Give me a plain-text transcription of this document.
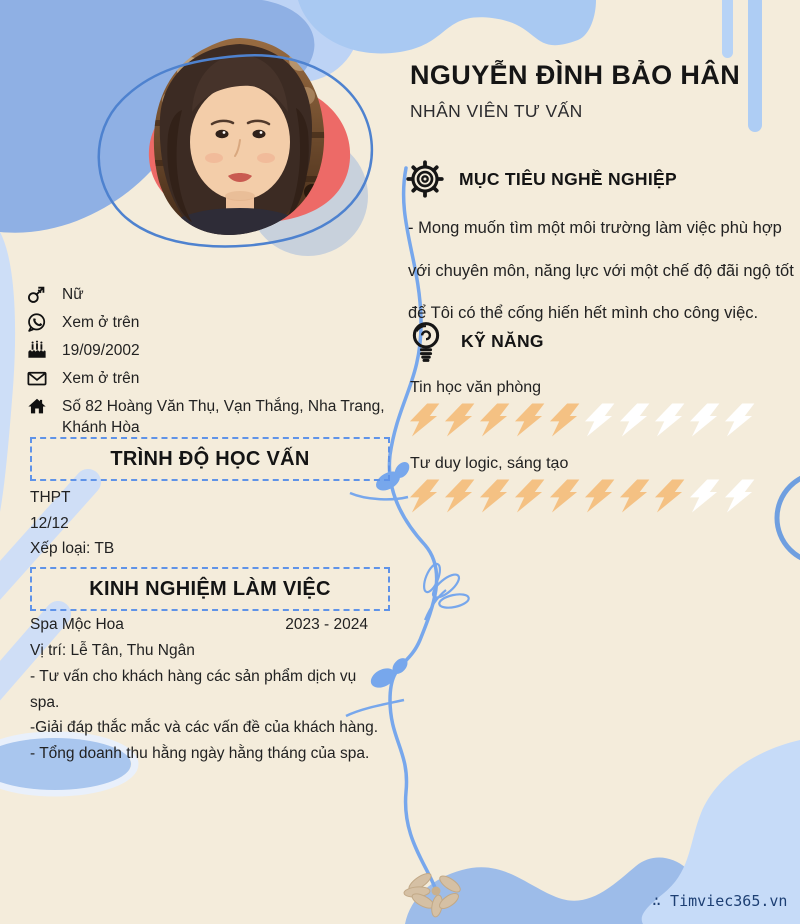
NGUYỄN ĐÌNH BẢO HÂN
NHÂN VIÊN TƯ VẤN
MỤC TIÊU NGHỀ NGHIỆP
- Mong muốn tìm một môi trường làm việc phù hợp với chuyên môn, năng lực với một chế độ đãi ngộ tốt để Tôi có thể cống hiến hết mình cho công việc.
KỸ NĂNG
Tin học văn phòng
Tư duy logic, sáng tạo
Nữ
Xem ở trên
19/09/2002
Xem ở trên
Số 82 Hoàng Văn Thụ, Vạn Thắng, Nha Trang, Khánh Hòa
TRÌNH ĐỘ HỌC VẤN
THPT
12/12
Xếp loại: TB
KINH NGHIỆM LÀM VIỆC
Spa Mộc Hoa	2023 - 2024
Vị trí: Lễ Tân, Thu Ngân
- Tư vấn cho khách hàng các sản phẩm dịch vụ spa.
-Giải đáp thắc mắc và các vấn đề của khách hàng.
- Tổng doanh thu hằng ngày hằng tháng của spa.
∴ Timviec365.vn
